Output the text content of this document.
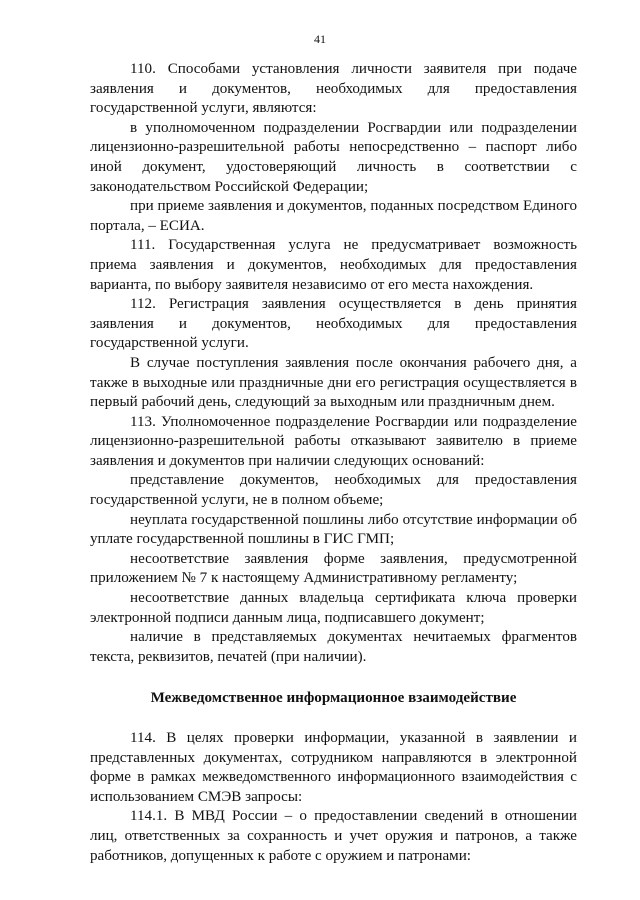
41

110. Способами установления личности заявителя при подаче заявления и документов, необходимых для предоставления государственной услуги, являются:

в уполномоченном подразделении Росгвардии или подразделении лицензионно-разрешительной работы непосредственно – паспорт либо иной документ, удостоверяющий личность в соответствии с законодательством Российской Федерации;

при приеме заявления и документов, поданных посредством Единого портала, – ЕСИА.

111. Государственная услуга не предусматривает возможность приема заявления и документов, необходимых для предоставления варианта, по выбору заявителя независимо от его места нахождения.

112. Регистрация заявления осуществляется в день принятия заявления и документов, необходимых для предоставления государственной услуги.

В случае поступления заявления после окончания рабочего дня, а также в выходные или праздничные дни его регистрация осуществляется в первый рабочий день, следующий за выходным или праздничным днем.

113. Уполномоченное подразделение Росгвардии или подразделение лицензионно-разрешительной работы отказывают заявителю в приеме заявления и документов при наличии следующих оснований:

представление документов, необходимых для предоставления государственной услуги, не в полном объеме;

неуплата государственной пошлины либо отсутствие информации об уплате государственной пошлины в ГИС ГМП;

несоответствие заявления форме заявления, предусмотренной приложением № 7 к настоящему Административному регламенту;

несоответствие данных владельца сертификата ключа проверки электронной подписи данным лица, подписавшего документ;

наличие в представляемых документах нечитаемых фрагментов текста, реквизитов, печатей (при наличии).

Межведомственное информационное взаимодействие

114. В целях проверки информации, указанной в заявлении и представленных документах, сотрудником направляются в электронной форме в рамках межведомственного информационного взаимодействия с использованием СМЭВ запросы:

114.1. В МВД России – о предоставлении сведений в отношении лиц, ответственных за сохранность и учет оружия и патронов, а также работников, допущенных к работе с оружием и патронами:
